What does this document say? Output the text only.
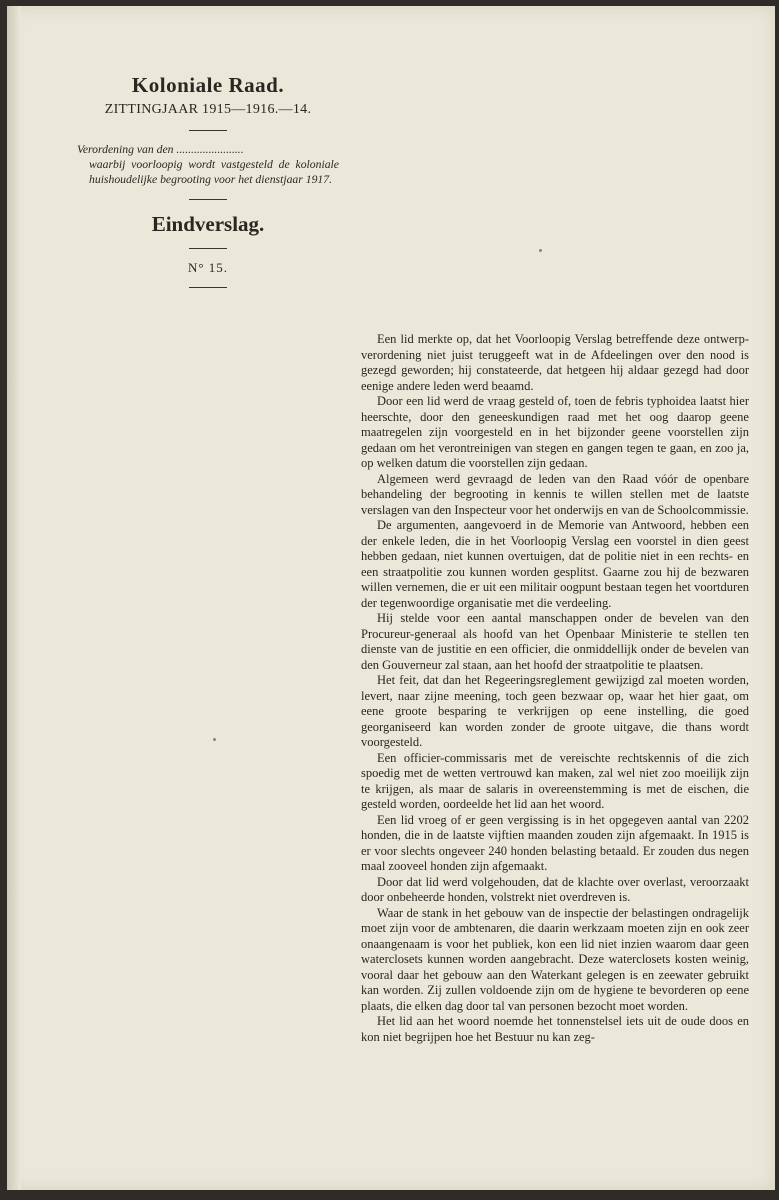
Koloniale Raad.

ZITTINGJAAR 1915—1916.—14.

Verordening van den .......................
waarbij voorloopig wordt vastgesteld de koloniale huishoudelijke begrooting voor het dienstjaar 1917.

Eindverslag.

N° 15.

Een lid merkte op, dat het Voorloopig Verslag betreffende deze ontwerp-verordening niet juist teruggeeft wat in de Afdeelingen over den nood is gezegd geworden; hij constateerde, dat hetgeen hij aldaar gezegd had door eenige andere leden werd beaamd.

Door een lid werd de vraag gesteld of, toen de febris typhoidea laatst hier heerschte, door den geneeskundigen raad met het oog daarop geene maatregelen zijn voorgesteld en in het bijzonder geene voorstellen zijn gedaan om het verontreinigen van stegen en gangen tegen te gaan, en zoo ja, op welken datum die voorstellen zijn gedaan.

Algemeen werd gevraagd de leden van den Raad vóór de openbare behandeling der begrooting in kennis te willen stellen met de laatste verslagen van den Inspecteur voor het onderwijs en van de Schoolcommissie.

De argumenten, aangevoerd in de Memorie van Antwoord, hebben een der enkele leden, die in het Voorloopig Verslag een voorstel in dien geest hebben gedaan, niet kunnen overtuigen, dat de politie niet in een rechts- en een straatpolitie zou kunnen worden gesplitst. Gaarne zou hij de bezwaren willen vernemen, die er uit een militair oogpunt bestaan tegen het voortduren der tegenwoordige organisatie met die verdeeling.

Hij stelde voor een aantal manschappen onder de bevelen van den Procureur-generaal als hoofd van het Openbaar Ministerie te stellen ten dienste van de justitie en een officier, die onmiddellijk onder de bevelen van den Gouverneur zal staan, aan het hoofd der straatpolitie te plaatsen.

Het feit, dat dan het Regeeringsreglement gewijzigd zal moeten worden, levert, naar zijne meening, toch geen bezwaar op, waar het hier gaat, om eene groote besparing te verkrijgen op eene instelling, die goed georganiseerd kan worden zonder de groote uitgave, die thans wordt voorgesteld.

Een officier-commissaris met de vereischte rechtskennis of die zich spoedig met de wetten vertrouwd kan maken, zal wel niet zoo moeilijk zijn te krijgen, als maar de salaris in overeenstemming is met de eischen, die gesteld worden, oordeelde het lid aan het woord.

Een lid vroeg of er geen vergissing is in het opgegeven aantal van 2202 honden, die in de laatste vijftien maanden zouden zijn afgemaakt. In 1915 is er voor slechts ongeveer 240 honden belasting betaald. Er zouden dus negen maal zooveel honden zijn afgemaakt.

Door dat lid werd volgehouden, dat de klachte over overlast, veroorzaakt door onbeheerde honden, volstrekt niet overdreven is.

Waar de stank in het gebouw van de inspectie der belastingen ondragelijk moet zijn voor de ambtenaren, die daarin werkzaam moeten zijn en ook zeer onaangenaam is voor het publiek, kon een lid niet inzien waarom daar geen waterclosets kunnen worden aangebracht. Deze waterclosets kosten weinig, vooral daar het gebouw aan den Waterkant gelegen is en zeewater gebruikt kan worden. Zij zullen voldoende zijn om de hygiene te bevorderen op eene plaats, die elken dag door tal van personen bezocht moet worden.

Het lid aan het woord noemde het tonnenstelsel iets uit de oude doos en kon niet begrijpen hoe het Bestuur nu kan zeg-
